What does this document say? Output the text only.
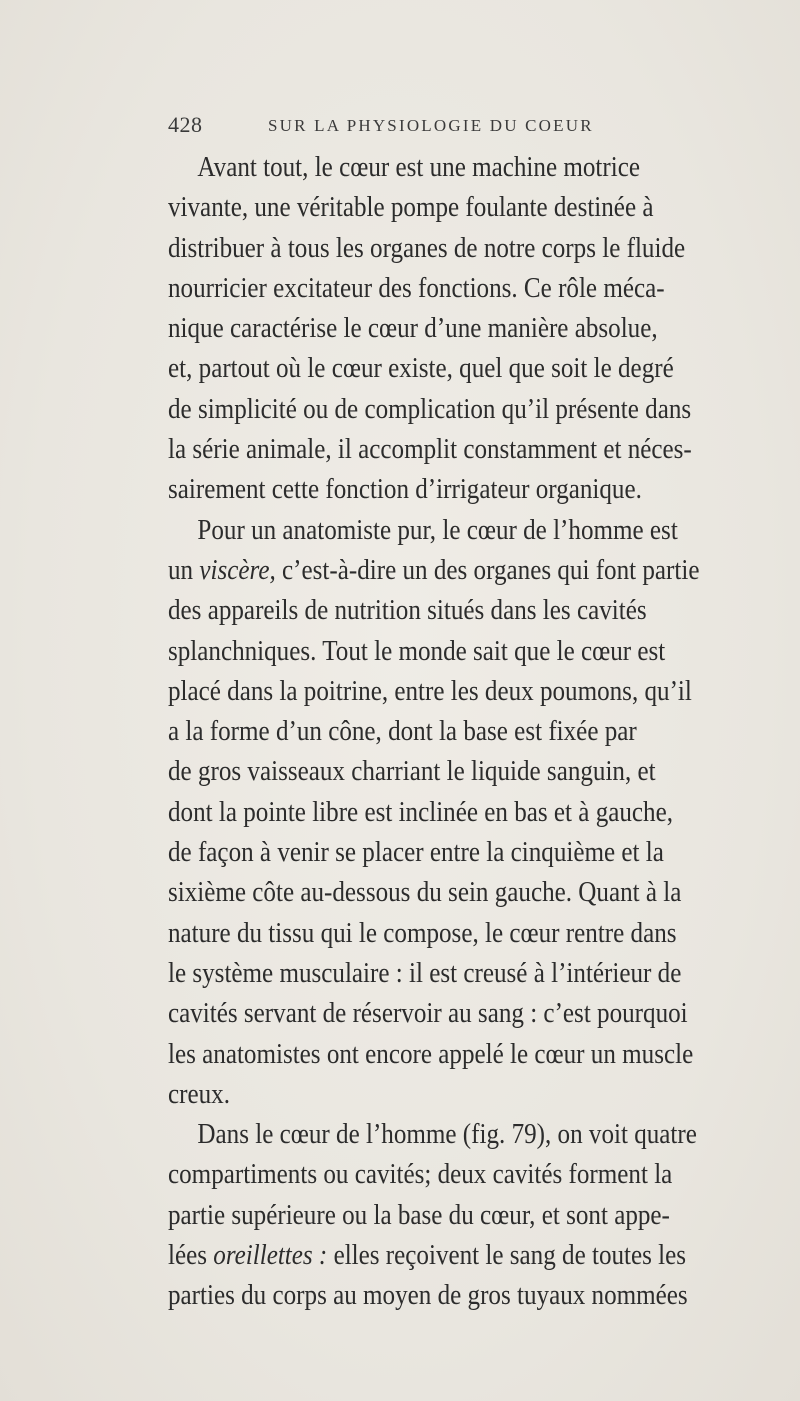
428	SUR LA PHYSIOLOGIE DU COEUR
Avant tout, le cœur est une machine motrice
vivante, une véritable pompe foulante destinée à
distribuer à tous les organes de notre corps le fluide
nourricier excitateur des fonctions. Ce rôle méca-
nique caractérise le cœur d’une manière absolue,
et, partout où le cœur existe, quel que soit le degré
de simplicité ou de complication qu’il présente dans
la série animale, il accomplit constamment et néces-
sairement cette fonction d’irrigateur organique.
Pour un anatomiste pur, le cœur de l’homme est
un viscère, c’est-à-dire un des organes qui font partie
des appareils de nutrition situés dans les cavités
splanchniques. Tout le monde sait que le cœur est
placé dans la poitrine, entre les deux poumons, qu’il
a la forme d’un cône, dont la base est fixée par
de gros vaisseaux charriant le liquide sanguin, et
dont la pointe libre est inclinée en bas et à gauche,
de façon à venir se placer entre la cinquième et la
sixième côte au-dessous du sein gauche. Quant à la
nature du tissu qui le compose, le cœur rentre dans
le système musculaire : il est creusé à l’intérieur de
cavités servant de réservoir au sang : c’est pourquoi
les anatomistes ont encore appelé le cœur un muscle
creux.
Dans le cœur de l’homme (fig. 79), on voit quatre
compartiments ou cavités; deux cavités forment la
partie supérieure ou la base du cœur, et sont appe-
lées oreillettes : elles reçoivent le sang de toutes les
parties du corps au moyen de gros tuyaux nommées
